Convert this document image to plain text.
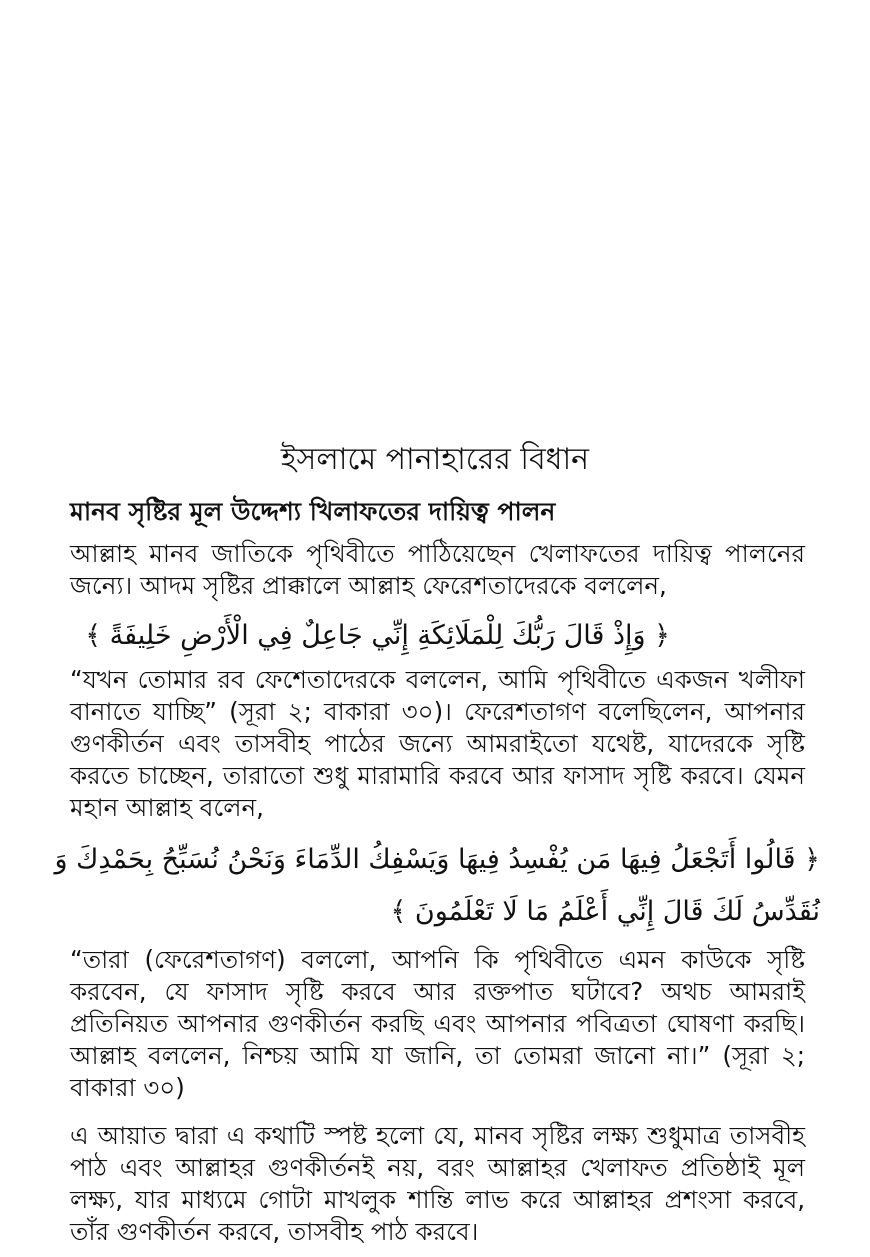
ইসলামে পানাহারের বিধান
মানব সৃষ্টির মূল উদ্দেশ্য খিলাফতের দায়িত্ব পালন

আল্লাহ মানব জাতিকে পৃথিবীতে পাঠিয়েছেন খেলাফতের দায়িত্ব পালনের জন্যে। আদম সৃষ্টির প্রাক্কালে আল্লাহ ফেরেশতাদেরকে বললেন,

﴿ وَإِذْ قَالَ رَبُّكَ لِلْمَلَائِكَةِ إِنِّي جَاعِلٌ فِي الْأَرْضِ خَلِيفَةً ﴾

“যখন তোমার রব ফেশেতাদেরকে বললেন, আমি পৃথিবীতে একজন খলীফা বানাতে যাচ্ছি” (সূরা ২; বাকারা ৩০)। ফেরেশতাগণ বলেছিলেন, আপনার গুণকীর্তন এবং তাসবীহ পাঠের জন্যে আমরাইতো যথেষ্ট, যাদেরকে সৃষ্টি করতে চাচ্ছেন, তারাতো শুধু মারামারি করবে আর ফাসাদ সৃষ্টি করবে। যেমন মহান আল্লাহ বলেন,

﴿ قَالُوا أَتَجْعَلُ فِيهَا مَن يُفْسِدُ فِيهَا وَيَسْفِكُ الدِّمَاءَ وَنَحْنُ نُسَبِّحُ بِحَمْدِكَ وَ

نُقَدِّسُ لَكَ قَالَ إِنِّي أَعْلَمُ مَا لَا تَعْلَمُونَ ﴾

“তারা (ফেরেশতাগণ) বললো, আপনি কি পৃথিবীতে এমন কাউকে সৃষ্টি করবেন, যে ফাসাদ সৃষ্টি করবে আর রক্তপাত ঘটাবে? অথচ আমরাই প্রতিনিয়ত আপনার গুণকীর্তন করছি এবং আপনার পবিত্রতা ঘোষণা করছি। আল্লাহ বললেন, নিশ্চয় আমি যা জানি, তা তোমরা জানো না।” (সূরা ২; বাকারা ৩০)

এ আয়াত দ্বারা এ কথাটি স্পষ্ট হলো যে, মানব সৃষ্টির লক্ষ্য শুধুমাত্র তাসবীহ পাঠ এবং আল্লাহর গুণকীর্তনই নয়, বরং আল্লাহর খেলাফত প্রতিষ্ঠাই মূল লক্ষ্য, যার মাধ্যমে গোটা মাখলুক শান্তি লাভ করে আল্লাহর প্রশংসা করবে, তাঁর গুণকীর্তন করবে, তাসবীহ পাঠ করবে।
